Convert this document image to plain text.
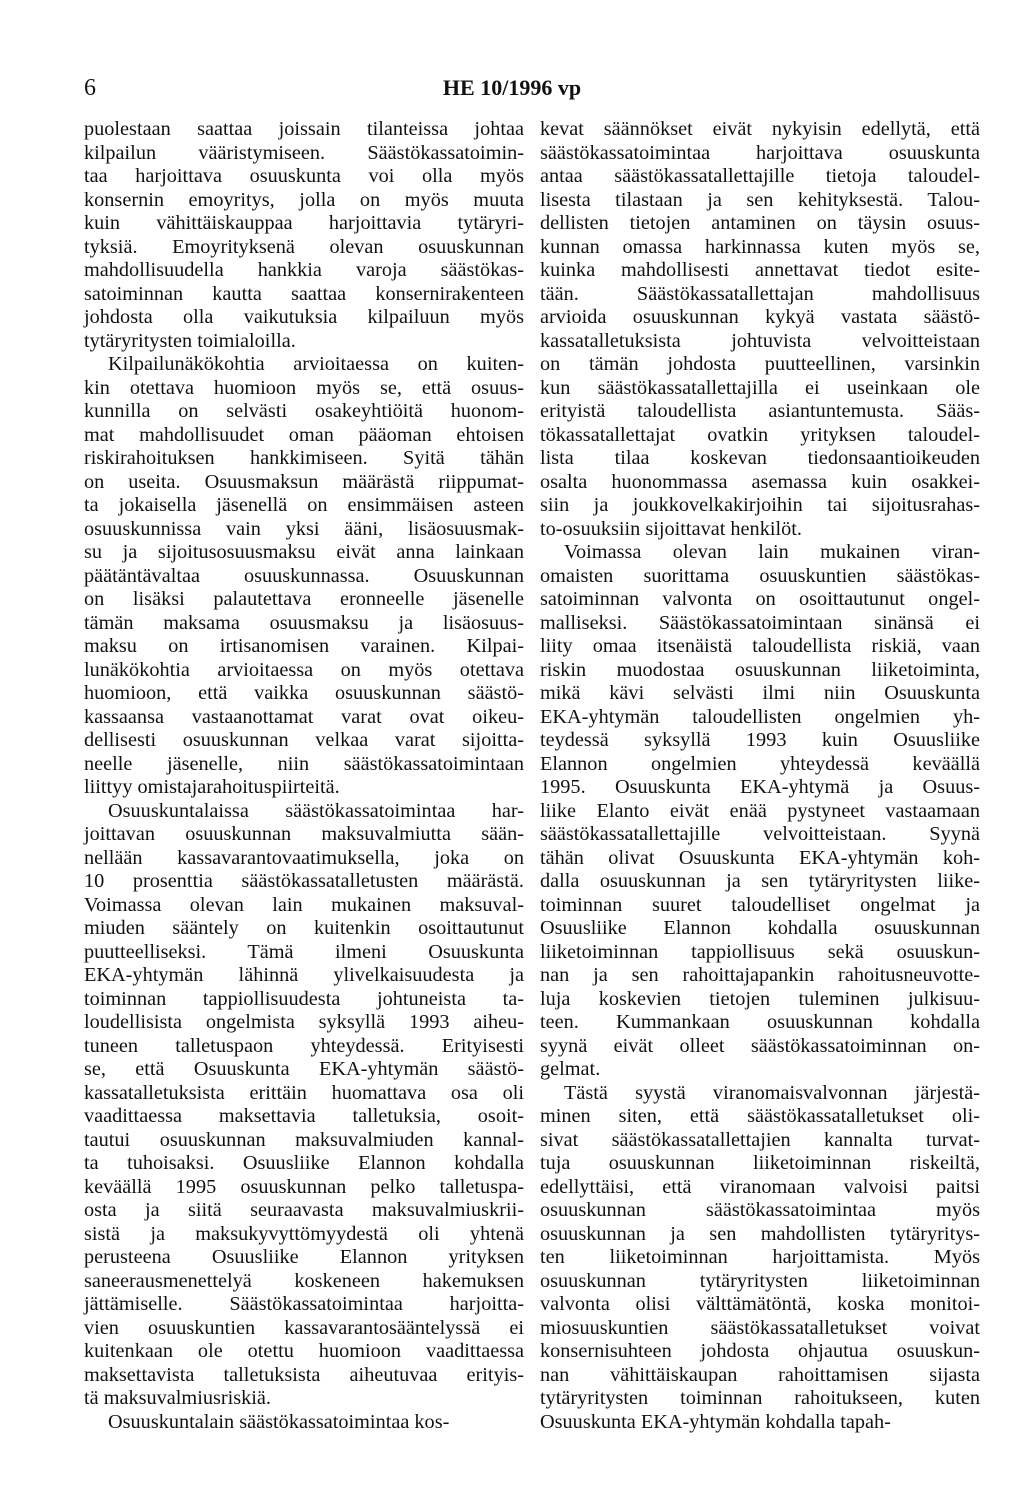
6	HE 10/1996 vp
puolestaan saattaa joissain tilanteissa johtaa
kilpailun vääristymiseen. Säästökassatoimin-
taa harjoittava osuuskunta voi olla myös
konsernin emoyritys, jolla on myös muuta
kuin vähittäiskauppaa harjoittavia tytäryri-
tyksiä. Emoyrityksenä olevan osuuskunnan
mahdollisuudella hankkia varoja säästökas-
satoiminnan kautta saattaa konsernirakenteen
johdosta olla vaikutuksia kilpailuun myös
tytäryritysten toimialoilla.
Kilpailunäkökohtia arvioitaessa on kuiten-
kin otettava huomioon myös se, että osuus-
kunnilla on selvästi osakeyhtiöitä huonom-
mat mahdollisuudet oman pääoman ehtoisen
riskirahoituksen hankkimiseen. Syitä tähän
on useita. Osuusmaksun määrästä riippumat-
ta jokaisella jäsenellä on ensimmäisen asteen
osuuskunnissa vain yksi ääni, lisäosuusmak-
su ja sijoitusosuusmaksu eivät anna lainkaan
päätäntävaltaa osuuskunnassa. Osuuskunnan
on lisäksi palautettava eronneelle jäsenelle
tämän maksama osuusmaksu ja lisäosuus-
maksu on irtisanomisen varainen. Kilpai-
lunäkökohtia arvioitaessa on myös otettava
huomioon, että vaikka osuuskunnan säästö-
kassaansa vastaanottamat varat ovat oikeu-
dellisesti osuuskunnan velkaa varat sijoitta-
neelle jäsenelle, niin säästökassatoimintaan
liittyy omistajarahoituspiirteitä.
Osuuskuntalaissa säästökassatoimintaa har-
joittavan osuuskunnan maksuvalmiutta sään-
nellään kassavarantovaatimuksella, joka on
10 prosenttia säästökassatalletusten määrästä.
Voimassa olevan lain mukainen maksuval-
miuden sääntely on kuitenkin osoittautunut
puutteelliseksi. Tämä ilmeni Osuuskunta
EKA-yhtymän lähinnä ylivelkaisuudesta ja
toiminnan tappiollisuudesta johtuneista ta-
loudellisista ongelmista syksyllä 1993 aiheu-
tuneen talletuspaon yhteydessä. Erityisesti
se, että Osuuskunta EKA-yhtymän säästö-
kassatalletuksista erittäin huomattava osa oli
vaadittaessa maksettavia talletuksia, osoit-
tautui osuuskunnan maksuvalmiuden kannal-
ta tuhoisaksi. Osuusliike Elannon kohdalla
keväällä 1995 osuuskunnan pelko talletuspa-
osta ja siitä seuraavasta maksuvalmiuskrii-
sistä ja maksukyvyttömyydestä oli yhtenä
perusteena Osuusliike Elannon yrityksen
saneerausmenettelyä koskeneen hakemuksen
jättämiselle. Säästökassatoimintaa harjoitta-
vien osuuskuntien kassavarantosääntelyssä ei
kuitenkaan ole otettu huomioon vaadittaessa
maksettavista talletuksista aiheutuvaa erityis-
tä maksuvalmiusriskiä.
Osuuskuntalain säästökassatoimintaa kos-
kevat säännökset eivät nykyisin edellytä, että
säästökassatoimintaa harjoittava osuuskunta
antaa säästökassatallettajille tietoja taloudel-
lisesta tilastaan ja sen kehityksestä. Talou-
dellisten tietojen antaminen on täysin osuus-
kunnan omassa harkinnassa kuten myös se,
kuinka mahdollisesti annettavat tiedot esite-
tään. Säästökassatallettajan mahdollisuus
arvioida osuuskunnan kykyä vastata säästö-
kassatalletuksista johtuvista velvoitteistaan
on tämän johdosta puutteellinen, varsinkin
kun säästökassatallettajilla ei useinkaan ole
erityistä taloudellista asiantuntemusta. Sääs-
tökassatallettajat ovatkin yrityksen taloudel-
lista tilaa koskevan tiedonsaantioikeuden
osalta huonommassa asemassa kuin osakkei-
siin ja joukkovelkakirjoihin tai sijoitusrahas-
to-osuuksiin sijoittavat henkilöt.
Voimassa olevan lain mukainen viran-
omaisten suorittama osuuskuntien säästökas-
satoiminnan valvonta on osoittautunut ongel-
malliseksi. Säästökassatoimintaan sinänsä ei
liity omaa itsenäistä taloudellista riskiä, vaan
riskin muodostaa osuuskunnan liiketoiminta,
mikä kävi selvästi ilmi niin Osuuskunta
EKA-yhtymän taloudellisten ongelmien yh-
teydessä syksyllä 1993 kuin Osuusliike
Elannon ongelmien yhteydessä keväällä
1995. Osuuskunta EKA-yhtymä ja Osuus-
liike Elanto eivät enää pystyneet vastaamaan
säästökassatallettajille velvoitteistaan. Syynä
tähän olivat Osuuskunta EKA-yhtymän koh-
dalla osuuskunnan ja sen tytäryritysten liike-
toiminnan suuret taloudelliset ongelmat ja
Osuusliike Elannon kohdalla osuuskunnan
liiketoiminnan tappiollisuus sekä osuuskun-
nan ja sen rahoittajapankin rahoitusneuvotte-
luja koskevien tietojen tuleminen julkisuu-
teen. Kummankaan osuuskunnan kohdalla
syynä eivät olleet säästökassatoiminnan on-
gelmat.
Tästä syystä viranomaisvalvonnan järjestä-
minen siten, että säästökassatalletukset oli-
sivat säästökassatallettajien kannalta turvat-
tuja osuuskunnan liiketoiminnan riskeiltä,
edellyttäisi, että viranomaan valvoisi paitsi
osuuskunnan säästökassatoimintaa myös
osuuskunnan ja sen mahdollisten tytäryritys-
ten liiketoiminnan harjoittamista. Myös
osuuskunnan tytäryritysten liiketoiminnan
valvonta olisi välttämätöntä, koska monitoi-
miosuuskuntien säästökassatalletukset voivat
konsernisuhteen johdosta ohjautua osuuskun-
nan vähittäiskaupan rahoittamisen sijasta
tytäryritysten toiminnan rahoitukseen, kuten
Osuuskunta EKA-yhtymän kohdalla tapah-
